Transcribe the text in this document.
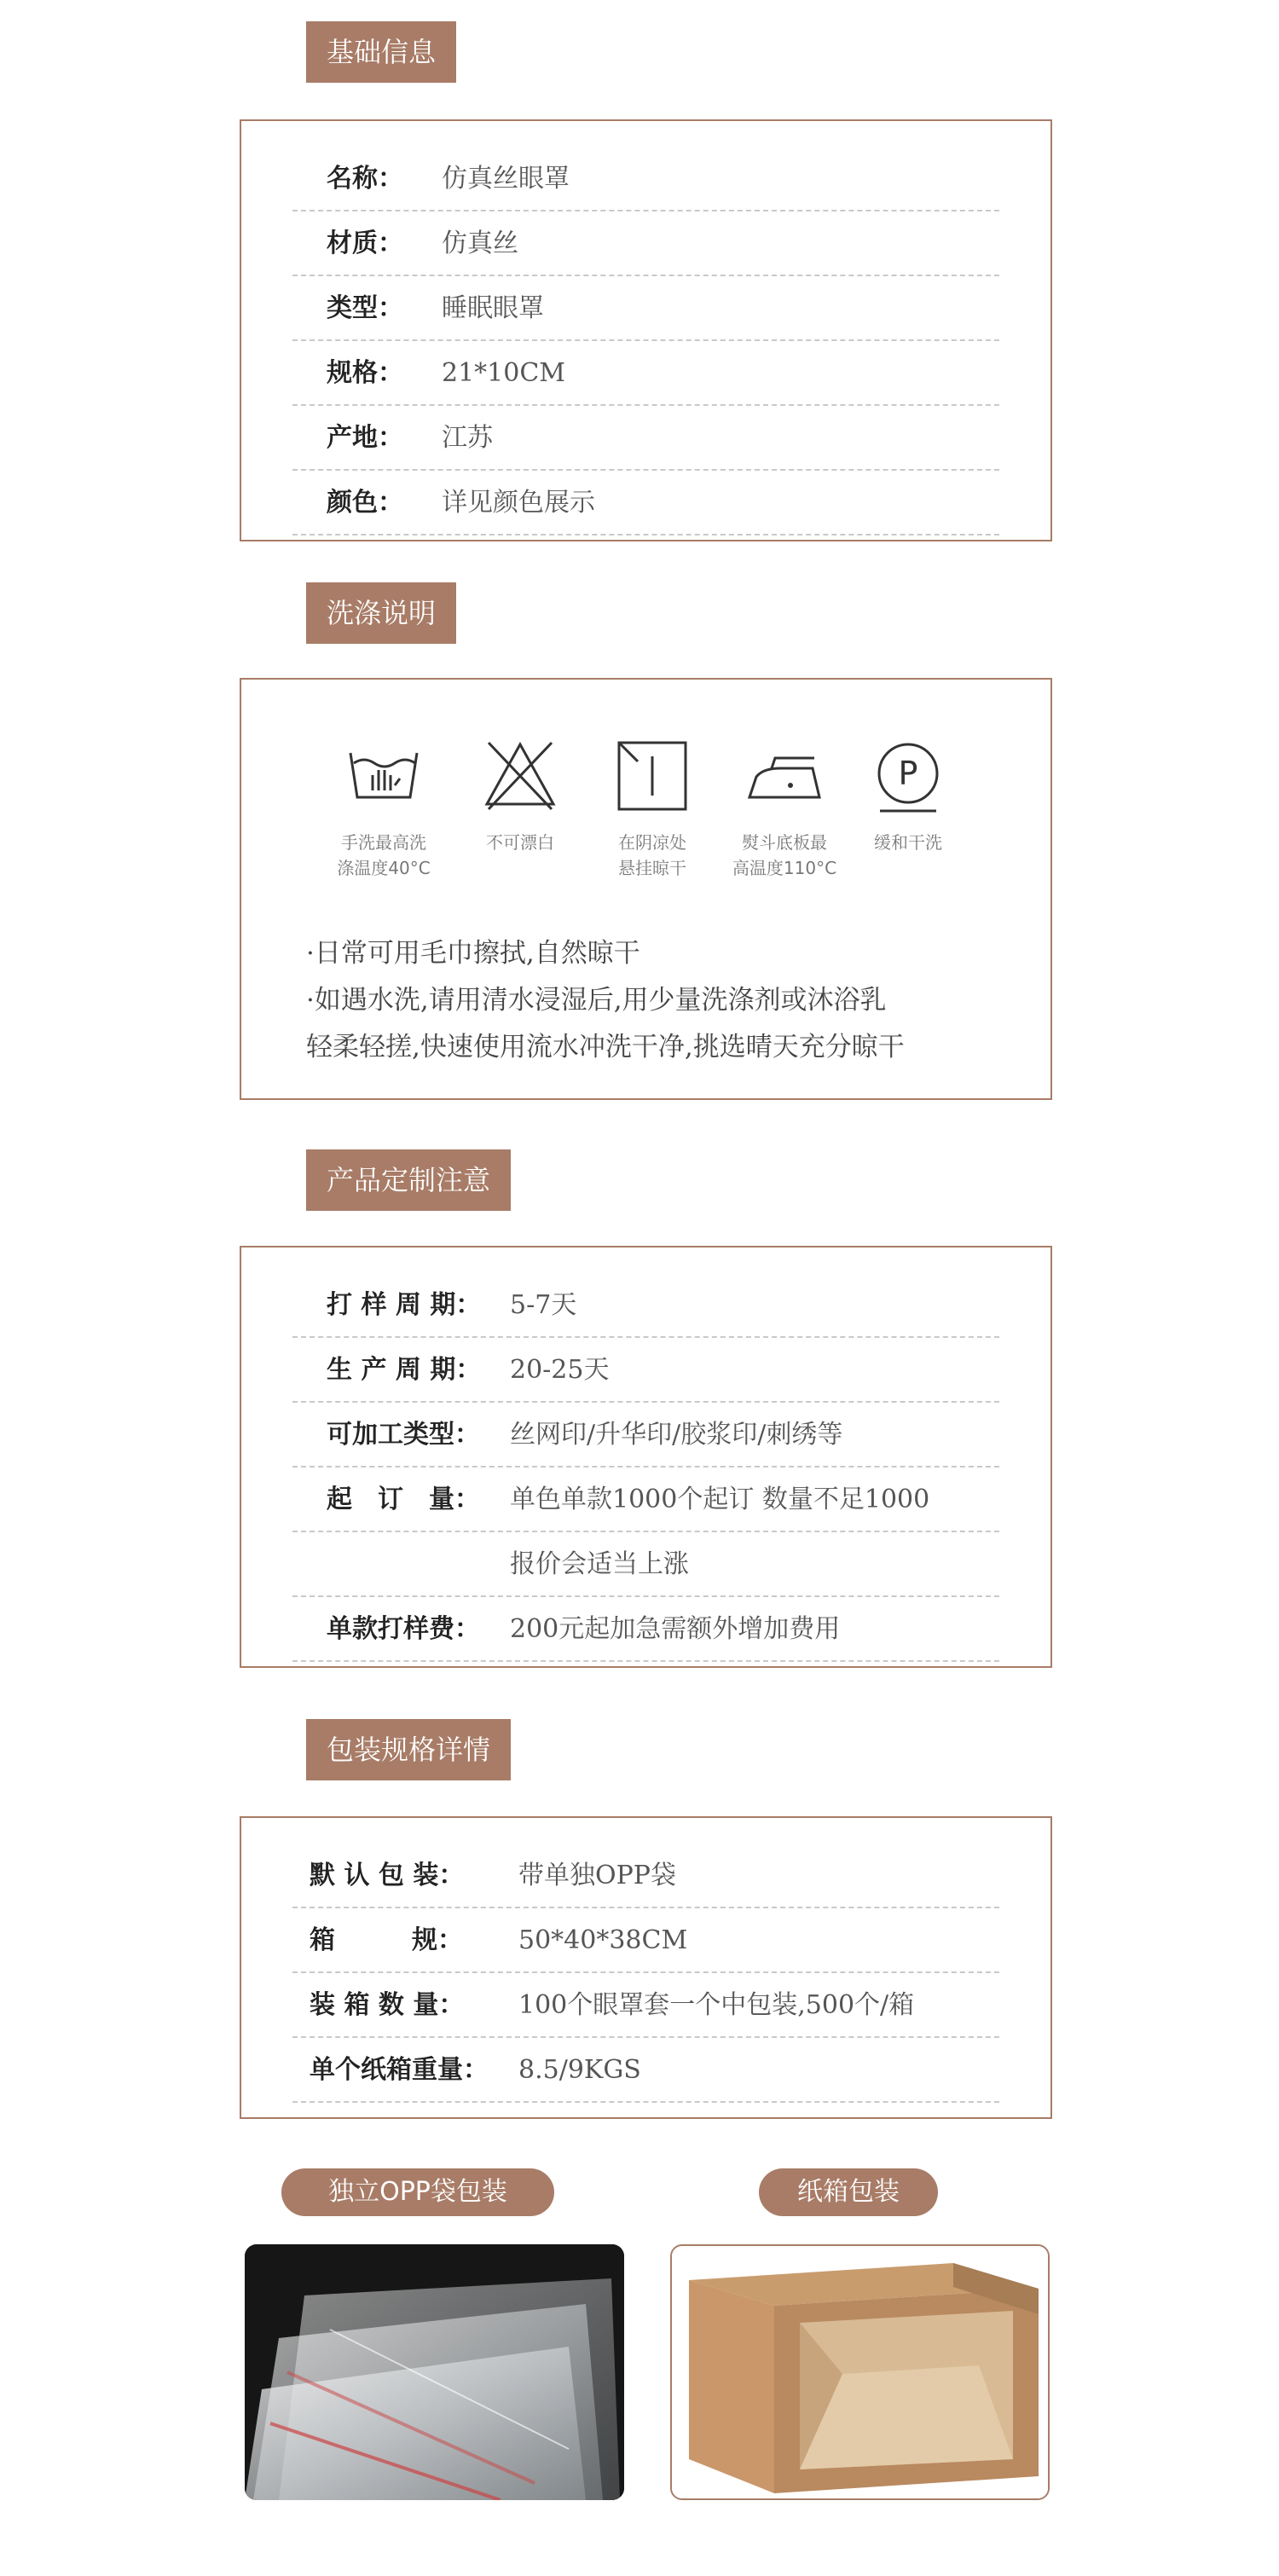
基础信息
名称： 仿真丝眼罩
材质： 仿真丝
类型： 睡眠眼罩
规格： 21*10CM
产地： 江苏
颜色： 详见颜色展示
洗涤说明
手洗最高洗
涤温度40°C
不可漂白	在阴凉处
悬挂晾干
熨斗底板最
高温度110°C
P
缓和干洗
·日常可用毛巾擦拭,自然晾干
·如遇水洗,请用清水浸湿后,用少量洗涤剂或沐浴乳
轻柔轻搓,快速使用流水冲洗干净,挑选晴天充分晾干
产品定制注意
打 样 周 期： 5-7天
生 产 周 期： 20-25天
可加工类型： 丝网印/升华印/胶浆印/刺绣等
起　订　量： 单色单款1000个起订 数量不足1000
报价会适当上涨
单款打样费： 200元起加急需额外增加费用
包装规格详情
默 认 包 装： 带单独OPP袋
箱　　　规： 50*40*38CM
装 箱 数 量： 100个眼罩套一个中包装,500个/箱
单个纸箱重量： 8.5/9KGS
独立OPP袋包装	纸箱包装
